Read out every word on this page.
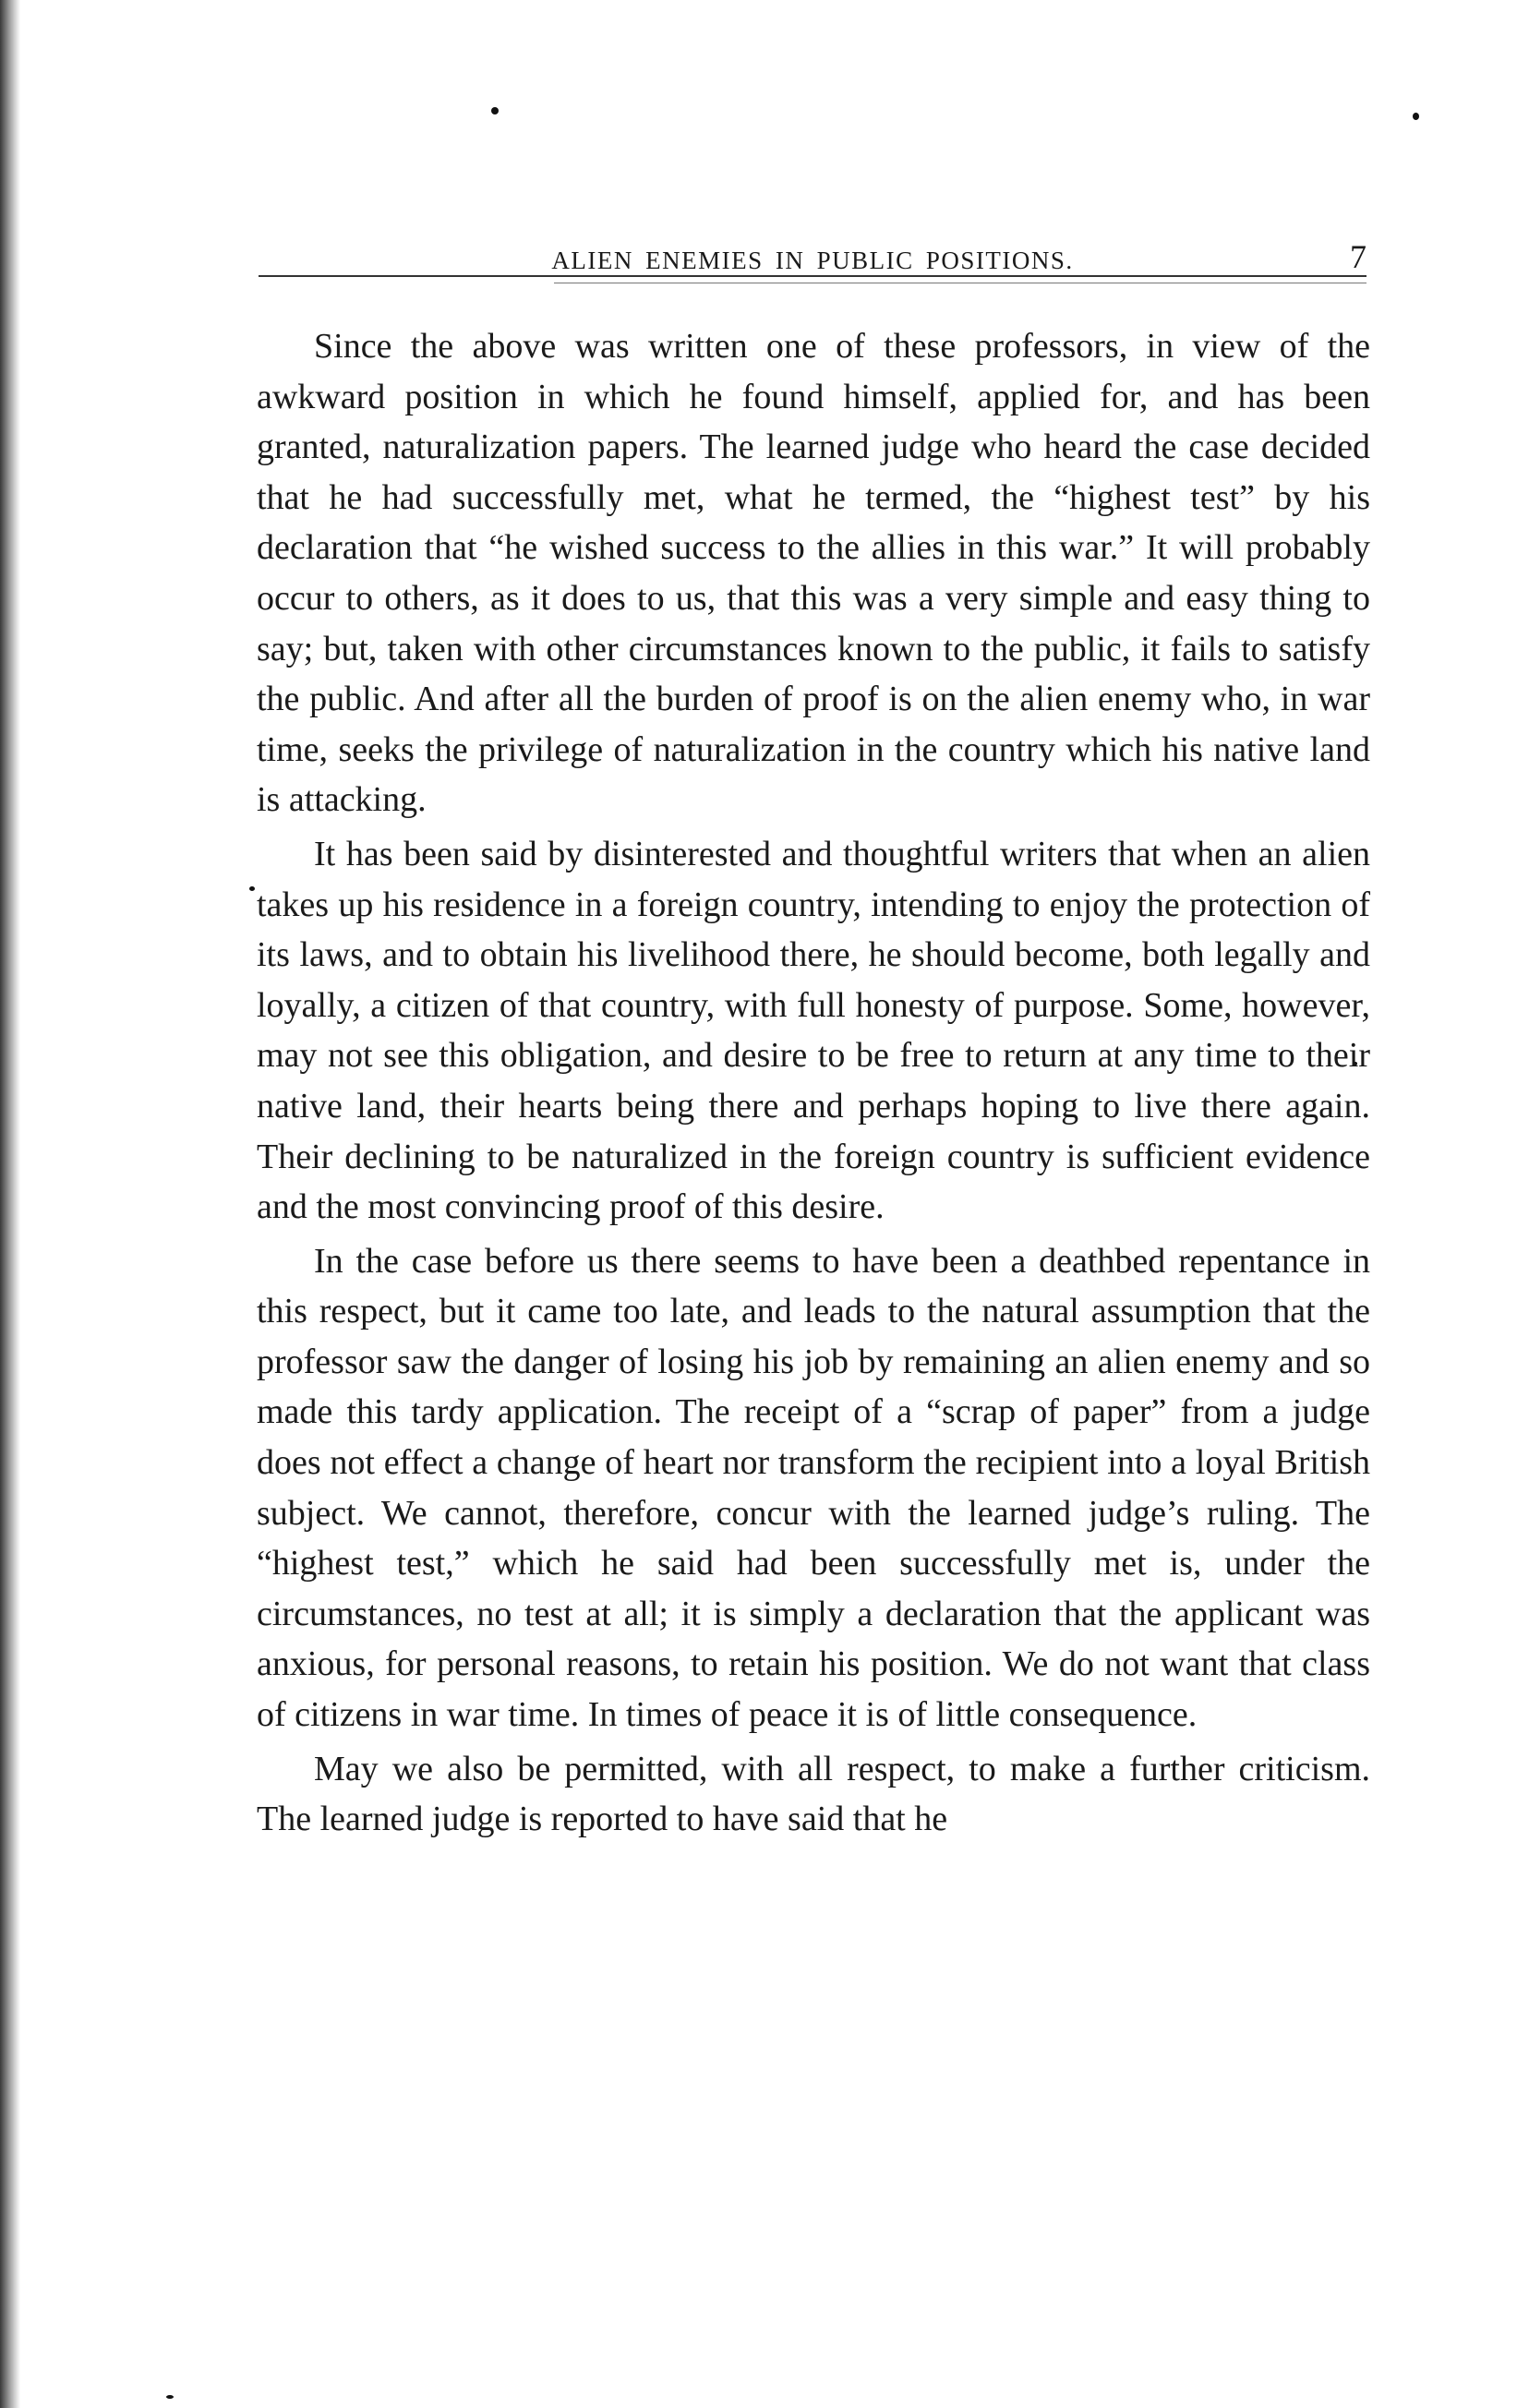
ALIEN ENEMIES IN PUBLIC POSITIONS.	7

Since the above was written one of these professors, in view of the awkward position in which he found himself, applied for, and has been granted, naturalization papers. The learned judge who heard the case decided that he had successfully met, what he termed, the “highest test” by his declaration that “he wished success to the allies in this war.” It will probably occur to others, as it does to us, that this was a very simple and easy thing to say; but, taken with other circumstances known to the public, it fails to satisfy the public. And after all the burden of proof is on the alien enemy who, in war time, seeks the privilege of naturalization in the country which his native land is attacking.

It has been said by disinterested and thoughtful writers that when an alien takes up his residence in a foreign country, intending to enjoy the protection of its laws, and to obtain his livelihood there, he should become, both legally and loyally, a citizen of that country, with full honesty of purpose. Some, however, may not see this obligation, and desire to be free to return at any time to their native land, their hearts being there and perhaps hoping to live there again. Their declining to be naturalized in the foreign country is sufficient evidence and the most convincing proof of this desire.

In the case before us there seems to have been a deathbed repentance in this respect, but it came too late, and leads to the natural assumption that the professor saw the danger of losing his job by remaining an alien enemy and so made this tardy application. The receipt of a “scrap of paper” from a judge does not effect a change of heart nor transform the recipient into a loyal British subject. We cannot, therefore, concur with the learned judge’s ruling. The “highest test,” which he said had been successfully met is, under the circumstances, no test at all; it is simply a declaration that the applicant was anxious, for personal reasons, to retain his position. We do not want that class of citizens in war time. In times of peace it is of little consequence.

May we also be permitted, with all respect, to make a further criticism. The learned judge is reported to have said that he
